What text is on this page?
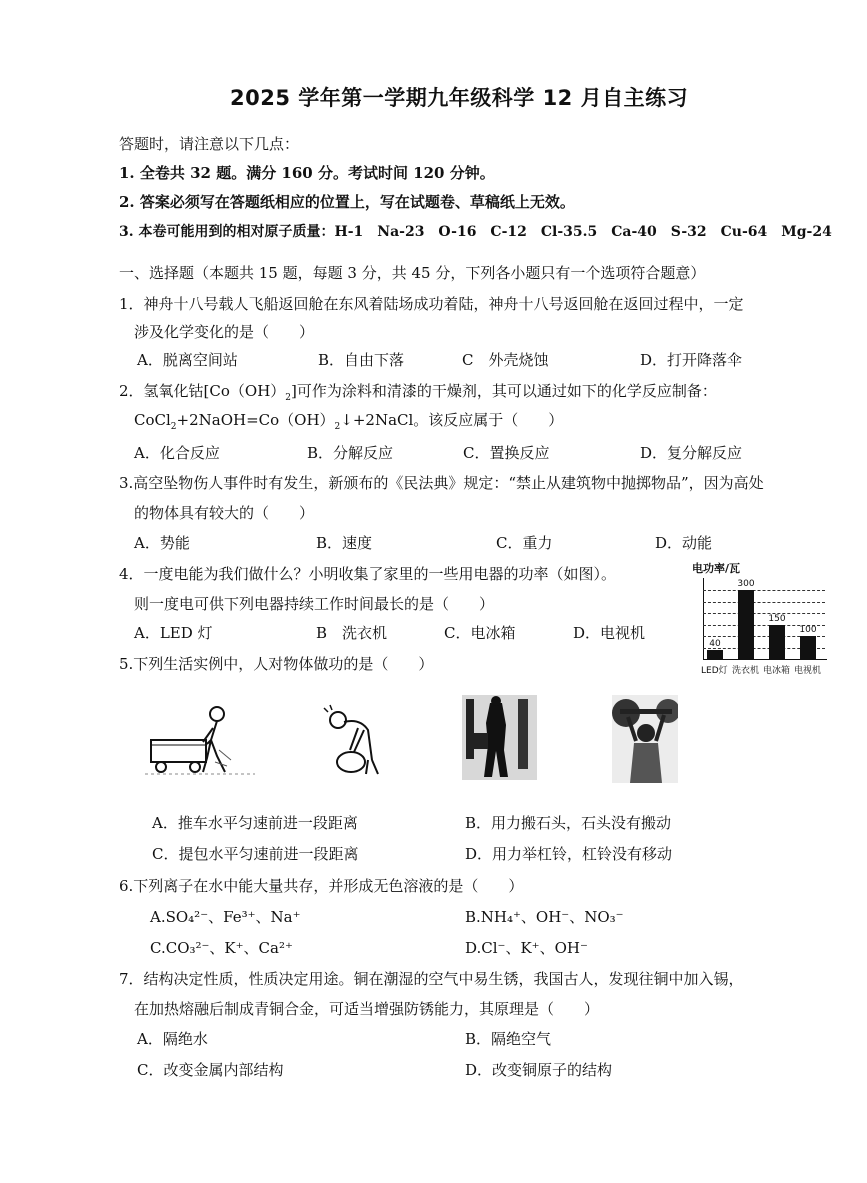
2025 学年第一学期九年级科学 12 月自主练习
答题时，请注意以下几点：
1. 全卷共 32 题。满分 160 分。考试时间 120 分钟。
2. 答案必须写在答题纸相应的位置上，写在试题卷、草稿纸上无效。
3. 本卷可能用到的相对原子质量：H-1　Na-23　O-16　C-12　Cl-35.5　Ca-40　S-32　Cu-64　Mg-24
一、选择题（本题共 15 题，每题 3 分，共 45 分，下列各小题只有一个选项符合题意）
1．神舟十八号载人飞船返回舱在东风着陆场成功着陆，神舟十八号返回舱在返回过程中，一定
涉及化学变化的是（　　）
A．脱离空间站	B．自由下落	C　外壳烧蚀	D．打开降落伞
2．氢氧化钴$[Co(OH)_2]$可作为涂料和清漆的干燥剂，其可以通过如下的化学反应制备：
$CoCl_2+2NaOH=Co(OH)_2↓+2NaCl$。该反应属于（　　）
A．化合反应	B．分解反应	C．置换反应	D．复分解反应
3.高空坠物伤人事件时有发生，新颁布的《民法典》规定：“禁止从建筑物中抛掷物品”，因为高处
的物体具有较大的（　　）
A．势能	B．速度	C．重力	D．动能
4．一度电能为我们做什么？小明收集了家里的一些用电器的功率（如图）。
则一度电可供下列电器持续工作时间最长的是（　　）
A．LED 灯	B　洗衣机	C．电冰箱	D．电视机
电功率/瓦
40
LED灯
300
洗衣机
150
电冰箱
100
电视机
5.下列生活实例中，人对物体做功的是（　　）
A．推车水平匀速前进一段距离	B．用力搬石头，石头没有搬动
C．提包水平匀速前进一段距离	D．用力举杠铃，杠铃没有移动
6.下列离子在水中能大量共存，并形成无色溶液的是（　　）
A.SO₄²⁻、Fe³⁺、Na⁺	B.NH₄⁺、OH⁻、NO₃⁻
C.CO₃²⁻、K⁺、Ca²⁺	D.Cl⁻、K⁺、OH⁻
7．结构决定性质，性质决定用途。铜在潮湿的空气中易生锈，我国古人，发现往铜中加入锡，
在加热熔融后制成青铜合金，可适当增强防锈能力，其原理是（　　）
A．隔绝水	B．隔绝空气
C．改变金属内部结构	D．改变铜原子的结构
